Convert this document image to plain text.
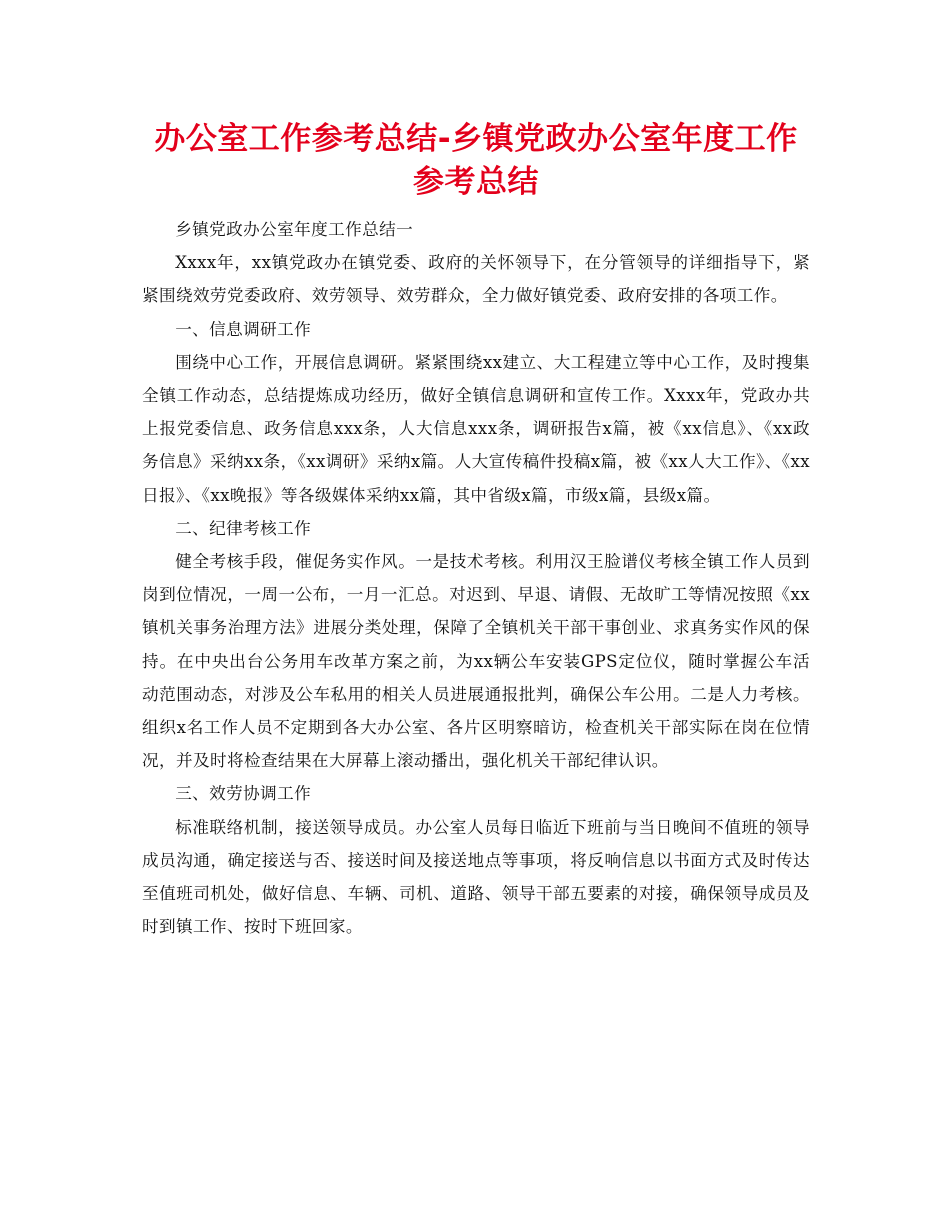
办公室工作参考总结-乡镇党政办公室年度工作参考总结

乡镇党政办公室年度工作总结一

Xxxx年，xx镇党政办在镇党委、政府的关怀领导下，在分管领导的详细指导下，紧紧围绕效劳党委政府、效劳领导、效劳群众，全力做好镇党委、政府安排的各项工作。

一、信息调研工作

围绕中心工作，开展信息调研。紧紧围绕xx建立、大工程建立等中心工作，及时搜集全镇工作动态，总结提炼成功经历，做好全镇信息调研和宣传工作。Xxxx年，党政办共上报党委信息、政务信息xxx条，人大信息xxx条，调研报告x篇，被《xx信息》、《xx政务信息》采纳xx条，《xx调研》采纳x篇。人大宣传稿件投稿x篇，被《xx人大工作》、《xx日报》、《xx晚报》等各级媒体采纳xx篇，其中省级x篇，市级x篇，县级x篇。

二、纪律考核工作

健全考核手段，催促务实作风。一是技术考核。利用汉王脸谱仪考核全镇工作人员到岗到位情况，一周一公布，一月一汇总。对迟到、早退、请假、无故旷工等情况按照《xx镇机关事务治理方法》进展分类处理，保障了全镇机关干部干事创业、求真务实作风的保持。在中央出台公务用车改革方案之前，为xx辆公车安装GPS定位仪，随时掌握公车活动范围动态，对涉及公车私用的相关人员进展通报批判，确保公车公用。二是人力考核。组织x名工作人员不定期到各大办公室、各片区明察暗访，检查机关干部实际在岗在位情况，并及时将检查结果在大屏幕上滚动播出，强化机关干部纪律认识。

三、效劳协调工作

标准联络机制，接送领导成员。办公室人员每日临近下班前与当日晚间不值班的领导成员沟通，确定接送与否、接送时间及接送地点等事项，将反响信息以书面方式及时传达至值班司机处，做好信息、车辆、司机、道路、领导干部五要素的对接，确保领导成员及时到镇工作、按时下班回家。
